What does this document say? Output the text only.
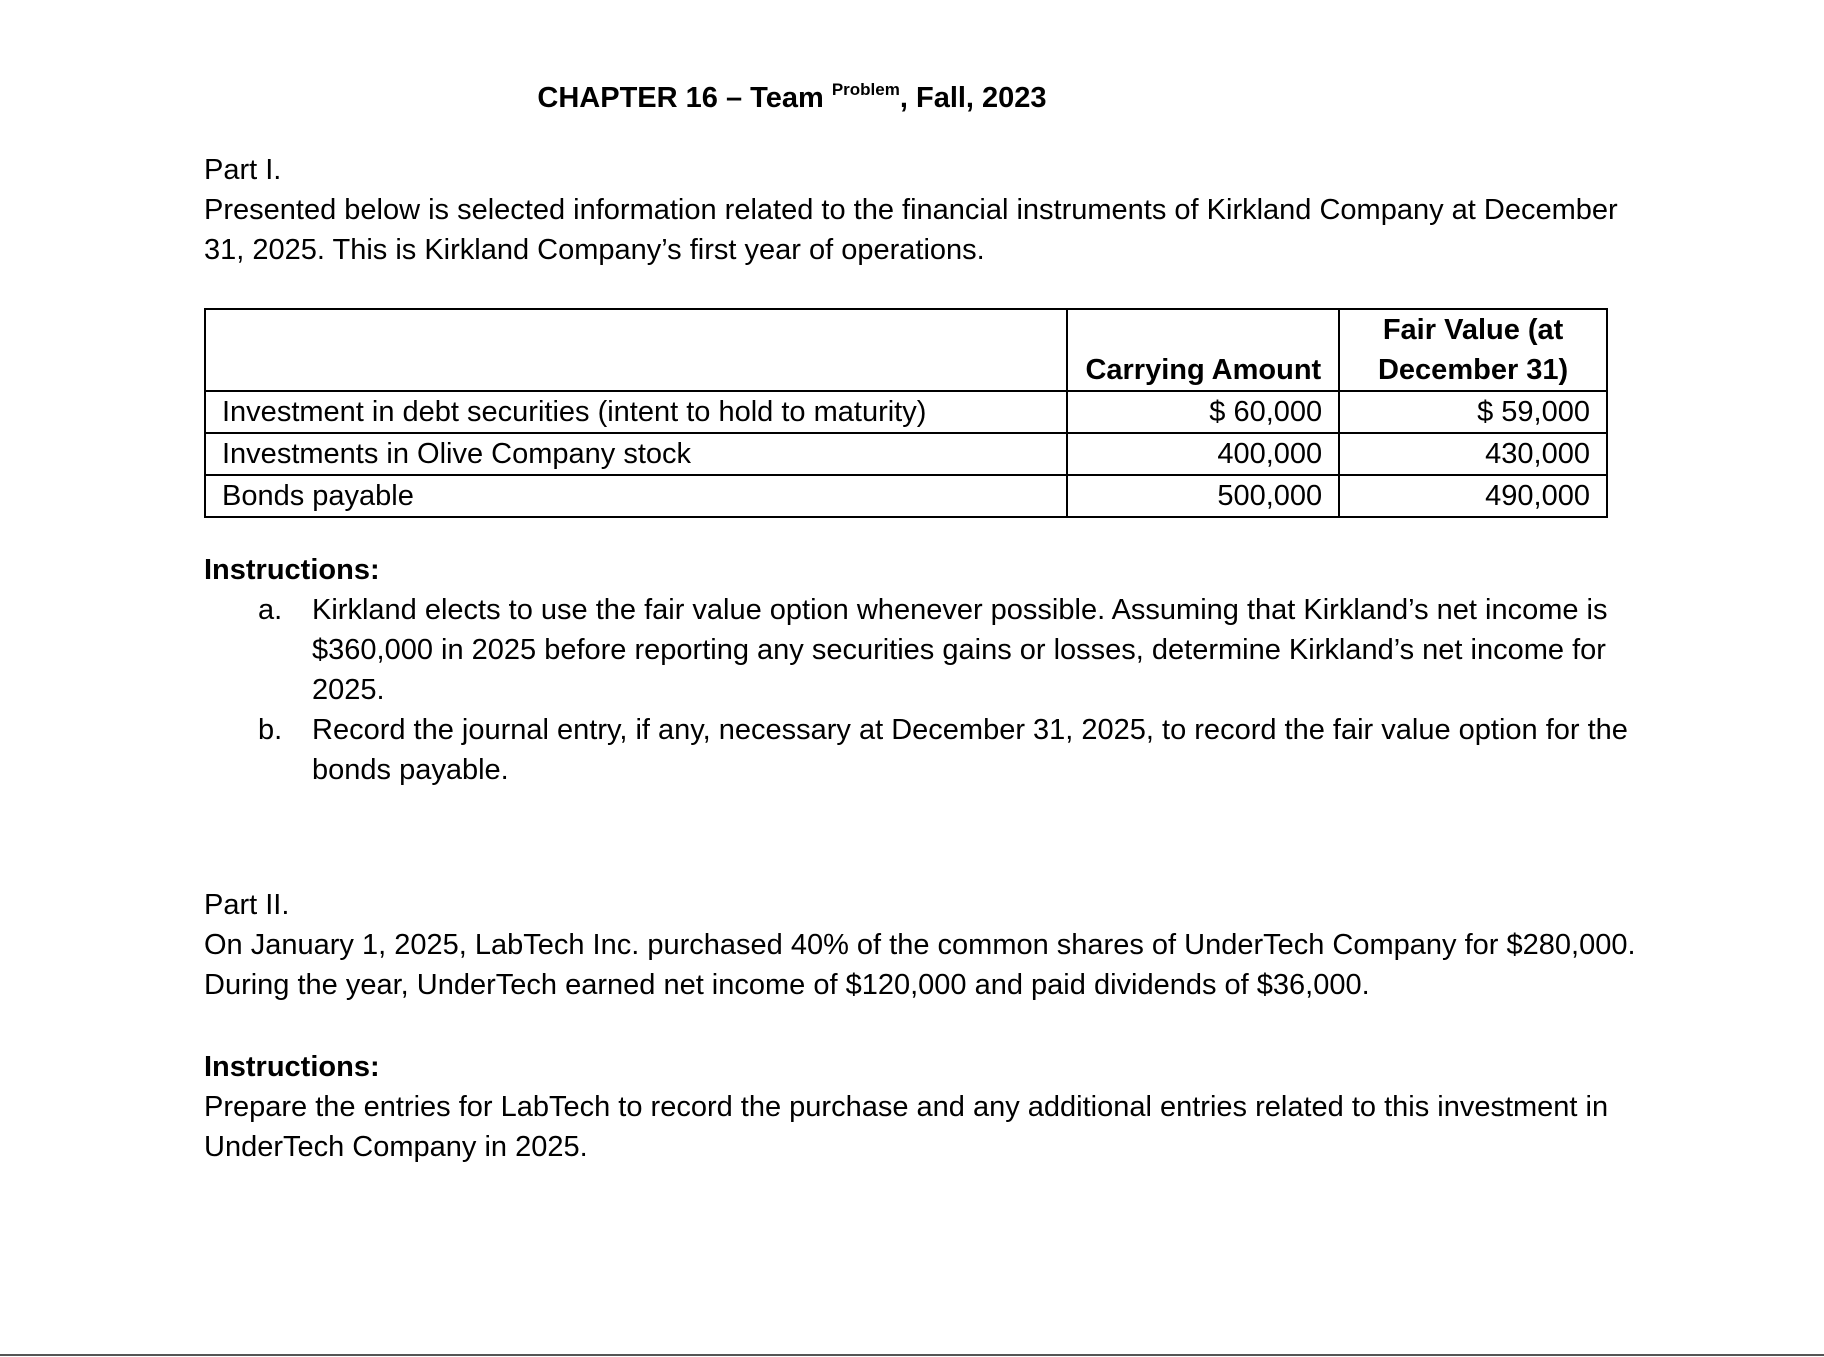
CHAPTER 16 – Team $^{Problem}$, Fall, 2023

Part I.

Presented below is selected information related to the financial instruments of Kirkland Company at December 31, 2025. This is Kirkland Company’s first year of operations.

	Carrying Amount	Fair Value (at December 31)
Investment in debt securities (intent to hold to maturity)	$ 60,000	$ 59,000
Investments in Olive Company stock	400,000	430,000
Bonds payable	500,000	490,000

Instructions:

a. Kirkland elects to use the fair value option whenever possible. Assuming that Kirkland’s net income is $360,000 in 2025 before reporting any securities gains or losses, determine Kirkland’s net income for 2025.
b. Record the journal entry, if any, necessary at December 31, 2025, to record the fair value option for the bonds payable.

Part II.

On January 1, 2025, LabTech Inc. purchased 40% of the common shares of UnderTech Company for $280,000. During the year, UnderTech earned net income of $120,000 and paid dividends of $36,000.

Instructions:

Prepare the entries for LabTech to record the purchase and any additional entries related to this investment in UnderTech Company in 2025.
